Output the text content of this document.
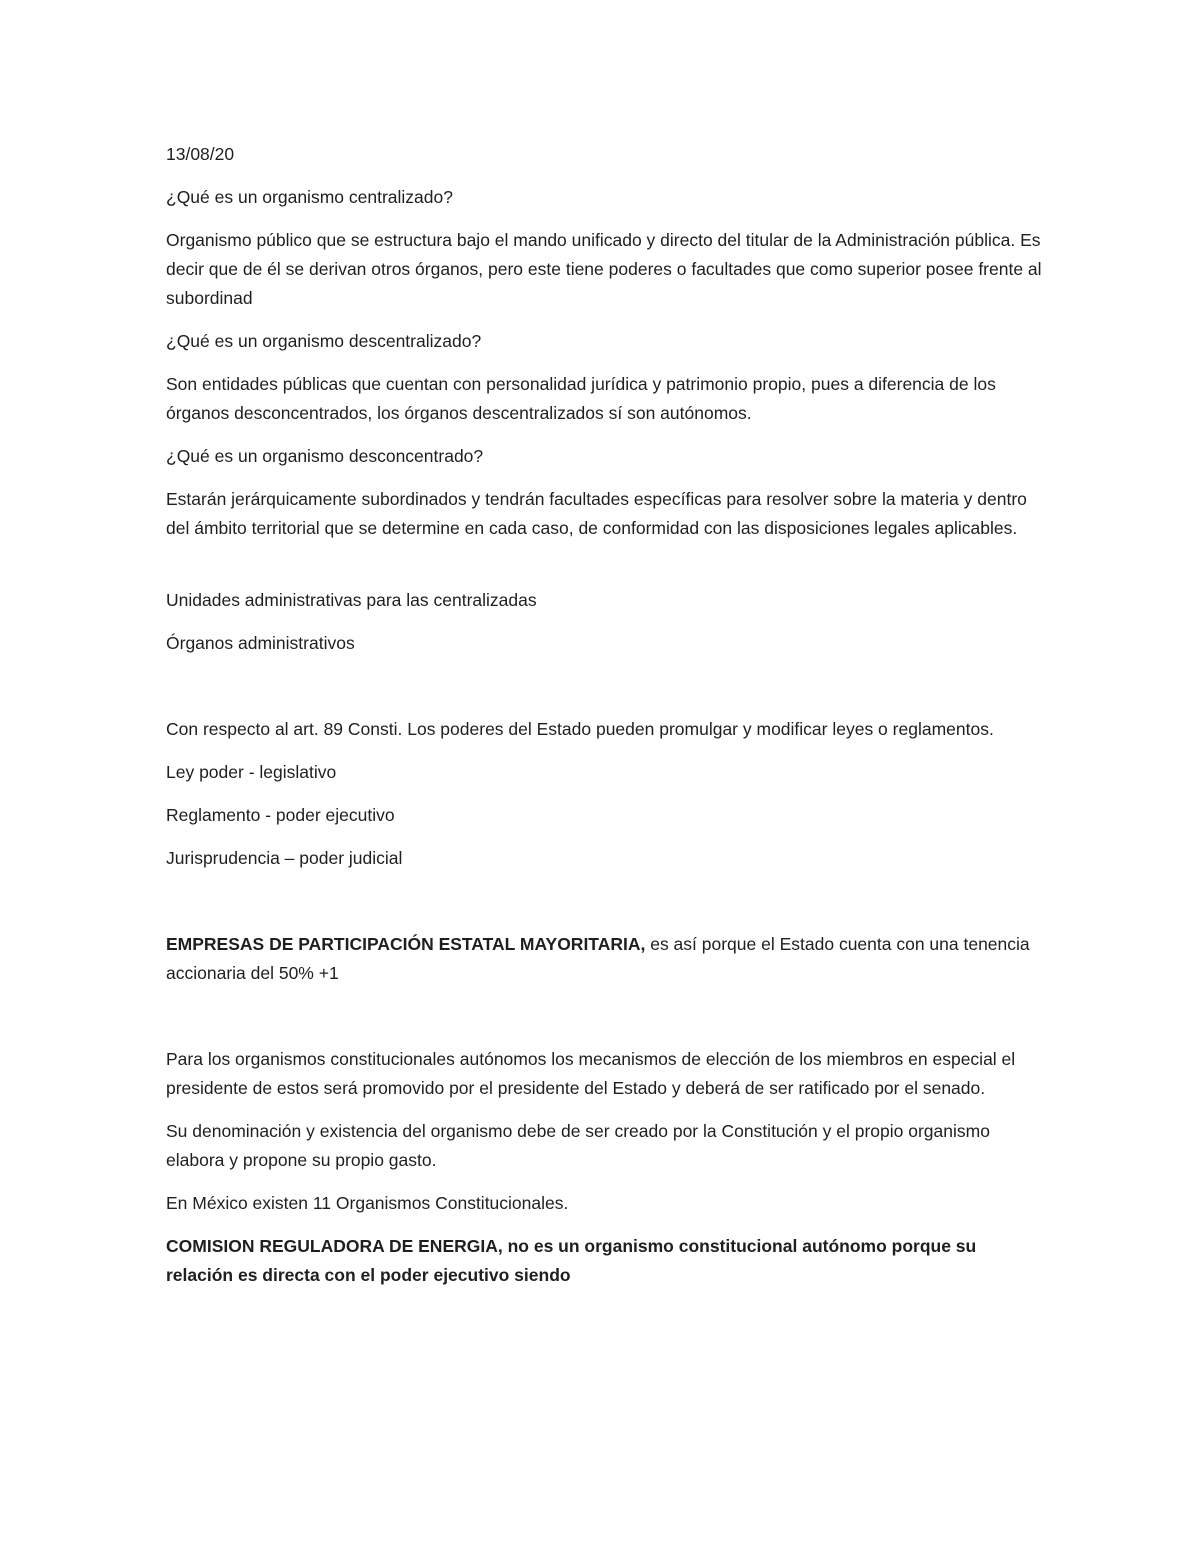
13/08/20

¿Qué es un organismo centralizado?

Organismo público que se estructura bajo el mando unificado y directo del titular de la Administración pública. Es decir que de él se derivan otros órganos, pero este tiene poderes o facultades que como superior posee frente al subordinad

¿Qué es un organismo descentralizado?

Son entidades públicas que cuentan con personalidad jurídica y patrimonio propio, pues a diferencia de los órganos desconcentrados, los órganos descentralizados sí son autónomos.

¿Qué es un organismo desconcentrado?

Estarán jerárquicamente subordinados y tendrán facultades específicas para resolver sobre la materia y dentro del ámbito territorial que se determine en cada caso, de conformidad con las disposiciones legales aplicables.

Unidades administrativas para las centralizadas

Órganos administrativos

Con respecto al art. 89 Consti. Los poderes del Estado pueden promulgar y modificar leyes o reglamentos.

Ley poder - legislativo

Reglamento - poder ejecutivo

Jurisprudencia – poder judicial

EMPRESAS DE PARTICIPACIÓN ESTATAL MAYORITARIA, es así porque el Estado cuenta con una tenencia accionaria del 50% +1

Para los organismos constitucionales autónomos los mecanismos de elección de los miembros en especial el presidente de estos será promovido por el presidente del Estado y deberá de ser ratificado por el senado.

Su denominación y existencia del organismo debe de ser creado por la Constitución y el propio organismo elabora y propone su propio gasto.

En México existen 11 Organismos Constitucionales.

COMISION REGULADORA DE ENERGIA, no es un organismo constitucional autónomo porque su relación es directa con el poder ejecutivo siendo
